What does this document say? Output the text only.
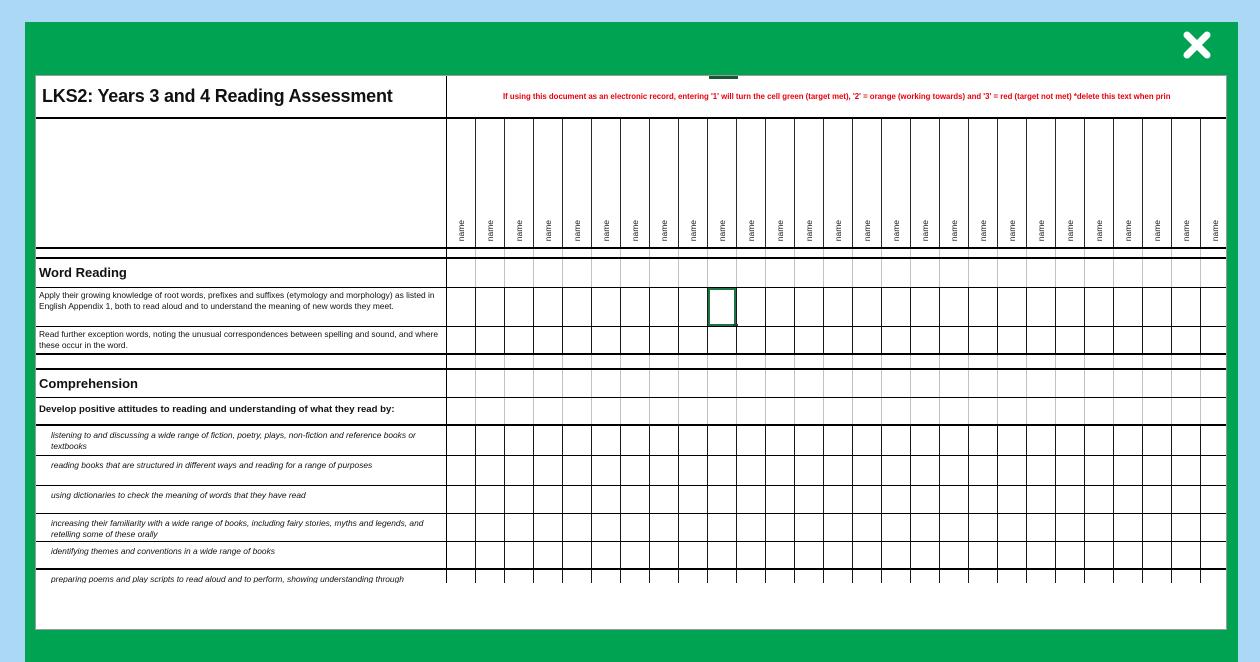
LKS2: Years 3 and 4 Reading Assessment	If using this document as an electronic record, entering '1' will turn the cell green (target met), '2' = orange (working towards) and '3' = red (target not met) *delete this text when prin
name name name name name name name name name name name name name name name name name name name name name name name name name name name
Word Reading
Apply their growing knowledge of root words, prefixes and suffixes (etymology and morphology) as listed in English Appendix 1, both to read aloud and to understand the meaning of new words they meet.
Read further exception words, noting the unusual correspondences between spelling and sound, and where these occur in the word.
Comprehension
Develop positive attitudes to reading and understanding of what they read by:
listening to and discussing a wide range of fiction, poetry, plays, non-fiction and reference books or textbooks
reading books that are structured in different ways and reading for a range of purposes
using dictionaries to check the meaning of words that they have read
increasing their familiarity with a wide range of books, including fairy stories, myths and legends, and retelling some of these orally
identifying themes and conventions in a wide range of books
preparing poems and play scripts to read aloud and to perform, showing understanding through
